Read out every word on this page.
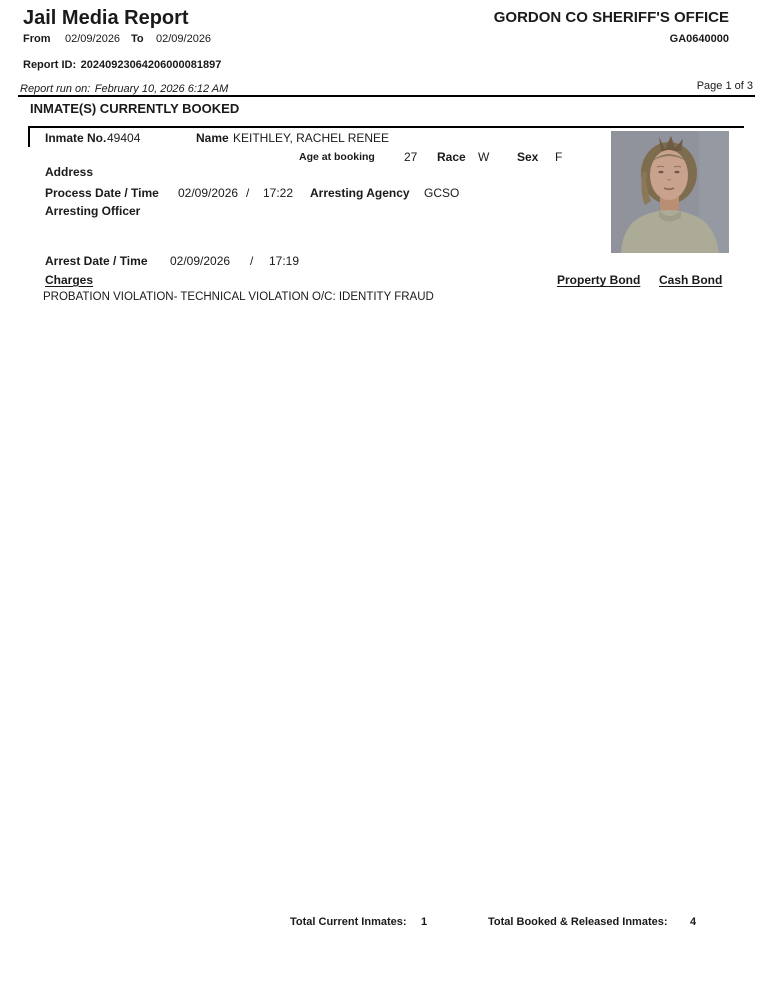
Jail Media Report
From 02/09/2026 To 02/09/2026
GORDON CO SHERIFF'S OFFICE
GA0640000
Report ID: 20240923064206000081897
Report run on: February 10, 2026 6:12 AM	Page 1 of 3
INMATE(S) CURRENTLY BOOKED
Inmate No. 49404	Name KEITHLEY, RACHEL RENEE
Age at booking 27 Race W Sex F
Address
Process Date / Time 02/09/2026 / 17:22 Arresting Agency GCSO
Arresting Officer
Arrest Date / Time 02/09/2026 / 17:19
Charges	Property Bond Cash Bond
PROBATION VIOLATION- TECHNICAL VIOLATION O/C: IDENTITY FRAUD
Total Current Inmates: 1	Total Booked & Released Inmates: 4
